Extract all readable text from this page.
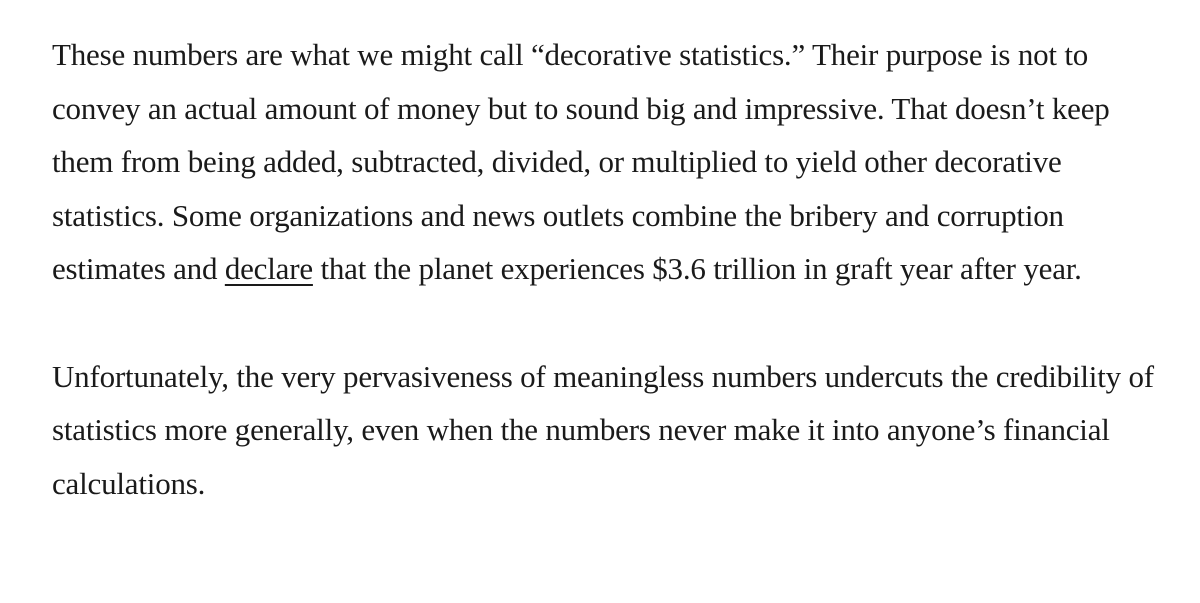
These numbers are what we might call “decorative statistics.” Their purpose is not to convey an actual amount of money but to sound big and impressive. That doesn’t keep them from being added, subtracted, divided, or multiplied to yield other decorative statistics. Some organizations and news outlets combine the bribery and corruption estimates and declare that the planet experiences $3.6 trillion in graft year after year.

Unfortunately, the very pervasiveness of meaningless numbers undercuts the credibility of statistics more generally, even when the numbers never make it into anyone’s financial calculations.
